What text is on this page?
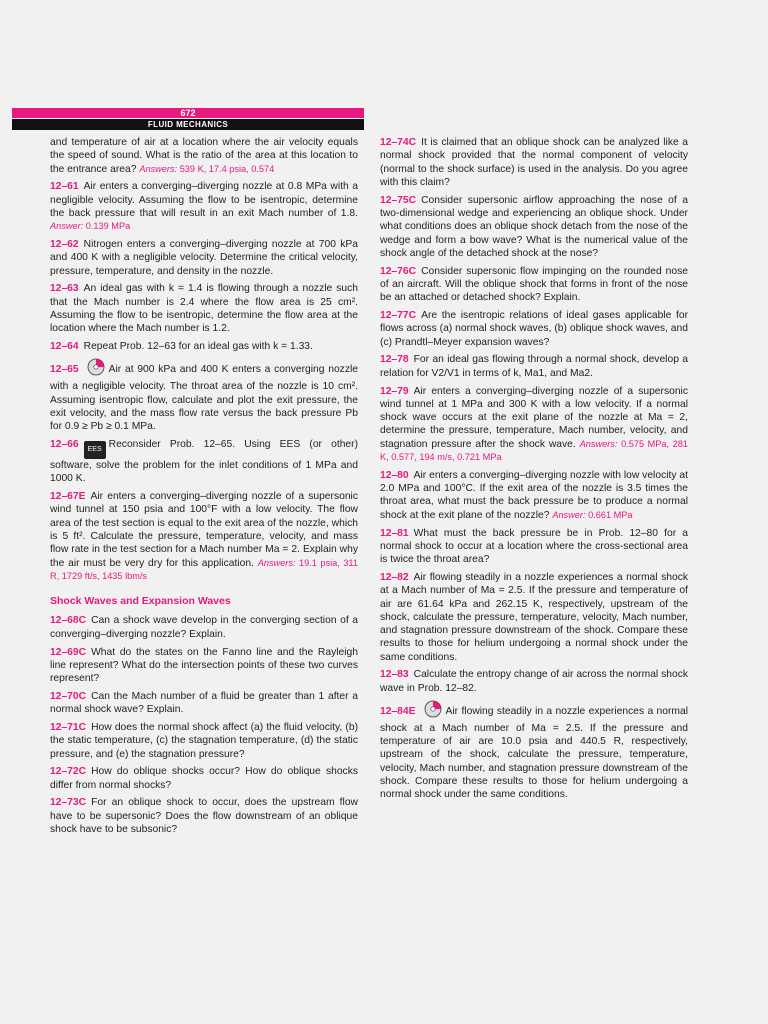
672
FLUID MECHANICS

and temperature of air at a location where the air velocity equals the speed of sound. What is the ratio of the area at this location to the entrance area? Answers: 539 K, 17.4 psia, 0.574

12–61 Air enters a converging–diverging nozzle at 0.8 MPa with a negligible velocity. Assuming the flow to be isentropic, determine the back pressure that will result in an exit Mach number of 1.8. Answer: 0.139 MPa

12–62 Nitrogen enters a converging–diverging nozzle at 700 kPa and 400 K with a negligible velocity. Determine the critical velocity, pressure, temperature, and density in the nozzle.

12–63 An ideal gas with k = 1.4 is flowing through a nozzle such that the Mach number is 2.4 where the flow area is 25 cm². Assuming the flow to be isentropic, determine the flow area at the location where the Mach number is 1.2.

12–64 Repeat Prob. 12–63 for an ideal gas with k = 1.33.

12–65	Air at 900 kPa and 400 K enters a converging nozzle with a negligible velocity. The throat area of the nozzle is 10 cm². Assuming isentropic flow, calculate and plot the exit pressure, the exit velocity, and the mass flow rate versus the back pressure Pb for 0.9 ≥ Pb ≥ 0.1 MPa.

12–66 EES Reconsider Prob. 12–65. Using EES (or other) software, solve the problem for the inlet conditions of 1 MPa and 1000 K.

12–67E Air enters a converging–diverging nozzle of a supersonic wind tunnel at 150 psia and 100°F with a low velocity. The flow area of the test section is equal to the exit area of the nozzle, which is 5 ft². Calculate the pressure, temperature, velocity, and mass flow rate in the test section for a Mach number Ma = 2. Explain why the air must be very dry for this application. Answers: 19.1 psia, 311 R, 1729 ft/s, 1435 lbm/s

Shock Waves and Expansion Waves

12–68C Can a shock wave develop in the converging section of a converging–diverging nozzle? Explain.

12–69C What do the states on the Fanno line and the Rayleigh line represent? What do the intersection points of these two curves represent?

12–70C Can the Mach number of a fluid be greater than 1 after a normal shock wave? Explain.

12–71C How does the normal shock affect (a) the fluid velocity, (b) the static temperature, (c) the stagnation temperature, (d) the static pressure, and (e) the stagnation pressure?

12–72C How do oblique shocks occur? How do oblique shocks differ from normal shocks?

12–73C For an oblique shock to occur, does the upstream flow have to be supersonic? Does the flow downstream of an oblique shock have to be subsonic?

12–74C It is claimed that an oblique shock can be analyzed like a normal shock provided that the normal component of velocity (normal to the shock surface) is used in the analysis. Do you agree with this claim?

12–75C Consider supersonic airflow approaching the nose of a two-dimensional wedge and experiencing an oblique shock. Under what conditions does an oblique shock detach from the nose of the wedge and form a bow wave? What is the numerical value of the shock angle of the detached shock at the nose?

12–76C Consider supersonic flow impinging on the rounded nose of an aircraft. Will the oblique shock that forms in front of the nose be an attached or detached shock? Explain.

12–77C Are the isentropic relations of ideal gases applicable for flows across (a) normal shock waves, (b) oblique shock waves, and (c) Prandtl–Meyer expansion waves?

12–78 For an ideal gas flowing through a normal shock, develop a relation for V2/V1 in terms of k, Ma1, and Ma2.

12–79 Air enters a converging–diverging nozzle of a supersonic wind tunnel at 1 MPa and 300 K with a low velocity. If a normal shock wave occurs at the exit plane of the nozzle at Ma = 2, determine the pressure, temperature, Mach number, velocity, and stagnation pressure after the shock wave. Answers: 0.575 MPa, 281 K, 0.577, 194 m/s, 0.721 MPa

12–80 Air enters a converging–diverging nozzle with low velocity at 2.0 MPa and 100°C. If the exit area of the nozzle is 3.5 times the throat area, what must the back pressure be to produce a normal shock at the exit plane of the nozzle? Answer: 0.661 MPa

12–81 What must the back pressure be in Prob. 12–80 for a normal shock to occur at a location where the cross-sectional area is twice the throat area?

12–82 Air flowing steadily in a nozzle experiences a normal shock at a Mach number of Ma = 2.5. If the pressure and temperature of air are 61.64 kPa and 262.15 K, respectively, upstream of the shock, calculate the pressure, temperature, velocity, Mach number, and stagnation pressure downstream of the shock. Compare these results to those for helium undergoing a normal shock under the same conditions.

12–83 Calculate the entropy change of air across the normal shock wave in Prob. 12–82.

12–84E	Air flowing steadily in a nozzle experiences a normal shock at a Mach number of Ma = 2.5. If the pressure and temperature of air are 10.0 psia and 440.5 R, respectively, upstream of the shock, calculate the pressure, temperature, velocity, Mach number, and stagnation pressure downstream of the shock. Compare these results to those for helium undergoing a normal shock under the same conditions.
